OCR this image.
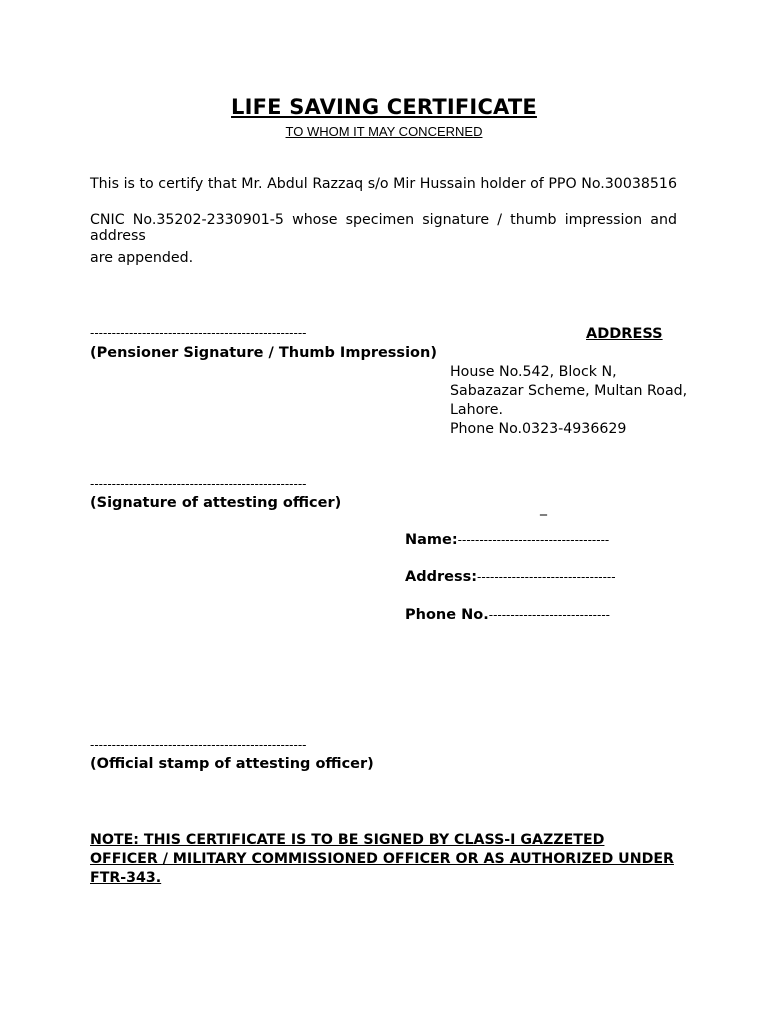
LIFE SAVING CERTIFICATE
TO WHOM IT MAY CONCERNED
This is to certify that Mr. Abdul Razzaq s/o Mir Hussain holder of PPO No.30038516
CNIC No.35202-2330901-5 whose specimen signature / thumb impression and address
are appended.
--------------------------------------------------
(Pensioner Signature / Thumb Impression)
ADDRESS
House No.542, Block N,
Sabazazar Scheme, Multan Road,
Lahore.
Phone No.0323-4936629
--------------------------------------------------
(Signature of attesting officer)	_
Name:-----------------------------------
Address:--------------------------------
Phone No.----------------------------
--------------------------------------------------
(Official stamp of attesting officer)
NOTE: THIS CERTIFICATE IS TO BE SIGNED BY CLASS-I GAZZETED
OFFICER / MILITARY COMMISSIONED OFFICER OR AS AUTHORIZED UNDER
FTR-343.
